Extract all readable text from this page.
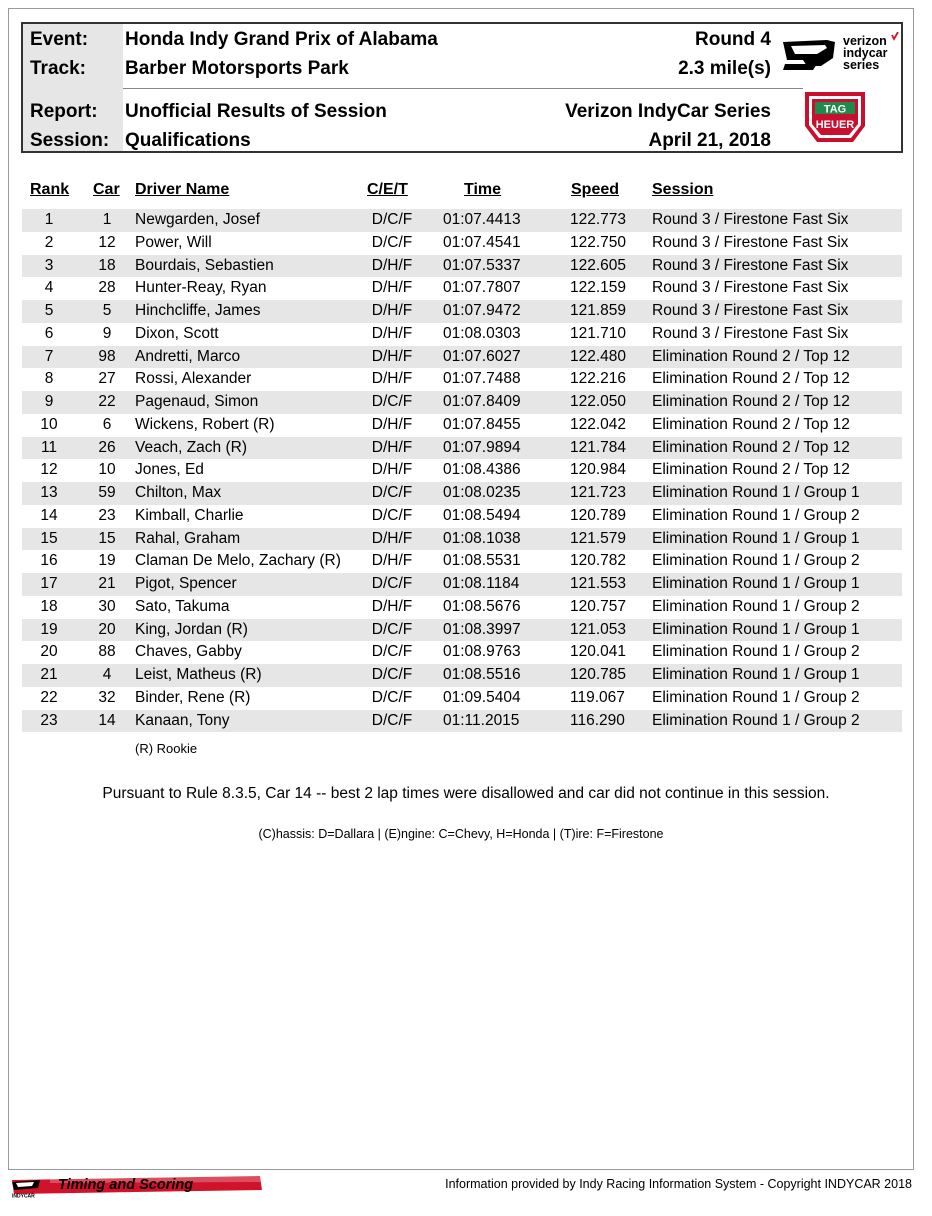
Event: Honda Indy Grand Prix of Alabama	Round 4
Track: Barber Motorsports Park	2.3 mile(s)
Report: Unofficial Results of Session	Verizon IndyCar Series
Session: Qualifications	April 21, 2018
verizon
indycar
series
TAG
HEUER
Rank Car Driver Name	C/E/T	Time	Speed Session
1	1	Newgarden, Josef	D/C/F 01:07.4413	122.773 Round 3 / Firestone Fast Six
2	12	Power, Will	D/C/F 01:07.4541	122.750 Round 3 / Firestone Fast Six
3	18	Bourdais, Sebastien	D/H/F 01:07.5337	122.605 Round 3 / Firestone Fast Six
4	28	Hunter-Reay, Ryan	D/H/F 01:07.7807	122.159 Round 3 / Firestone Fast Six
5	5	Hinchcliffe, James	D/H/F 01:07.9472	121.859 Round 3 / Firestone Fast Six
6	9	Dixon, Scott	D/H/F 01:08.0303	121.710 Round 3 / Firestone Fast Six
7	98	Andretti, Marco	D/H/F 01:07.6027	122.480 Elimination Round 2 / Top 12
8	27	Rossi, Alexander	D/H/F 01:07.7488	122.216 Elimination Round 2 / Top 12
9	22	Pagenaud, Simon	D/C/F 01:07.8409	122.050 Elimination Round 2 / Top 12
10	6	Wickens, Robert (R)	D/H/F 01:07.8455	122.042 Elimination Round 2 / Top 12
11	26	Veach, Zach (R)	D/H/F 01:07.9894	121.784 Elimination Round 2 / Top 12
12	10	Jones, Ed	D/H/F 01:08.4386	120.984 Elimination Round 2 / Top 12
13	59	Chilton, Max	D/C/F 01:08.0235	121.723 Elimination Round 1 / Group 1
14	23	Kimball, Charlie	D/C/F 01:08.5494	120.789 Elimination Round 1 / Group 2
15	15	Rahal, Graham	D/H/F 01:08.1038	121.579 Elimination Round 1 / Group 1
16	19	Claman De Melo, Zachary (R) D/H/F 01:08.5531	120.782 Elimination Round 1 / Group 2
17	21	Pigot, Spencer	D/C/F 01:08.1184	121.553 Elimination Round 1 / Group 1
18	30	Sato, Takuma	D/H/F 01:08.5676	120.757 Elimination Round 1 / Group 2
19	20	King, Jordan (R)	D/C/F 01:08.3997	121.053 Elimination Round 1 / Group 1
20	88	Chaves, Gabby	D/C/F 01:08.9763	120.041 Elimination Round 1 / Group 2
21	4	Leist, Matheus (R)	D/C/F 01:08.5516	120.785 Elimination Round 1 / Group 1
22	32	Binder, Rene (R)	D/C/F 01:09.5404	119.067 Elimination Round 1 / Group 2
23	14	Kanaan, Tony	D/C/F 01:11.2015	116.290 Elimination Round 1 / Group 2
(R) Rookie
Pursuant to Rule 8.3.5, Car 14 -- best 2 lap times were disallowed and car did not continue in this session.
(C)hassis: D=Dallara | (E)ngine: C=Chevy, H=Honda | (T)ire: F=Firestone
Timing and Scoring
INDYCAR
Information provided by Indy Racing Information System - Copyright INDYCAR 2018
